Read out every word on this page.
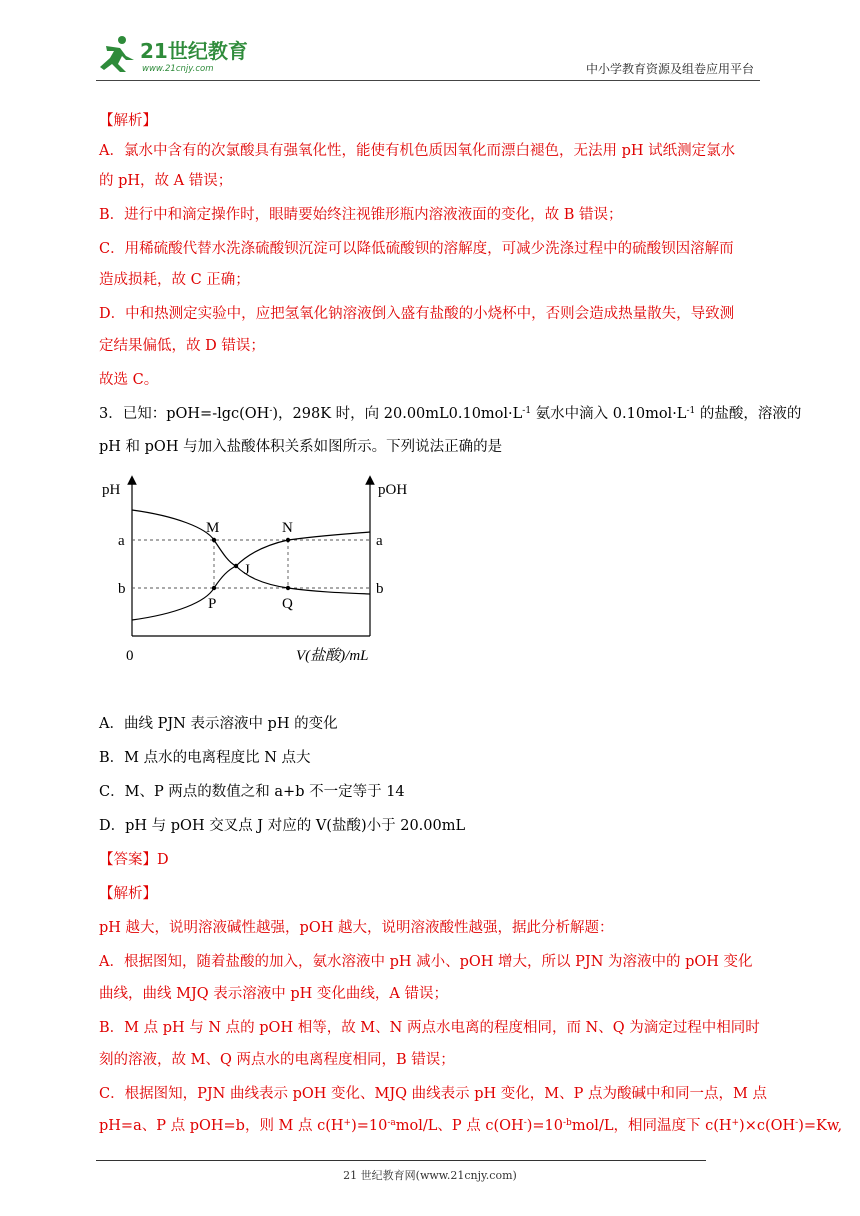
21世纪教育
www.21cnjy.com	中小学教育资源及组卷应用平台
【解析】
A．氯水中含有的次氯酸具有强氧化性，能使有机色质因氧化而漂白褪色，无法用 pH 试纸测定氯水
的 pH，故 A 错误；
B．进行中和滴定操作时，眼睛要始终注视锥形瓶内溶液液面的变化，故 B 错误；
C．用稀硫酸代替水洗涤硫酸钡沉淀可以降低硫酸钡的溶解度，可减少洗涤过程中的硫酸钡因溶解而
造成损耗，故 C 正确；
D．中和热测定实验中，应把氢氧化钠溶液倒入盛有盐酸的小烧杯中，否则会造成热量散失，导致测
定结果偏低，故 D 错误；
故选 C。
3．已知：pOH=-lgc(OH-)，298K 时，向 $20.00mL0.10mol\cdot L^{-1}$ 氨水中滴入 $0.10mol\cdot L^{-1}$ 的盐酸，溶液的
pH 和 pOH 与加入盐酸体积关系如图所示。下列说法正确的是
pH	pOH
a
b
a
b
M	N
J
P	Q
0	V(盐酸)/mL
A．曲线 PJN 表示溶液中 pH 的变化
B．M 点水的电离程度比 N 点大
C．M、P 两点的数值之和 a+b 不一定等于 14
D．pH 与 pOH 交叉点 J 对应的 V(盐酸)小于 20.00mL
【答案】D
【解析】
pH 越大，说明溶液碱性越强，pOH 越大，说明溶液酸性越强，据此分析解题：
A．根据图知，随着盐酸的加入，氨水溶液中 pH 减小、pOH 增大，所以 PJN 为溶液中的 pOH 变化
曲线，曲线 MJQ 表示溶液中 pH 变化曲线，A 错误；
B．M 点 pH 与 N 点的 pOH 相等，故 M、N 两点水电离的程度相同，而 N、Q 为滴定过程中相同时
刻的溶液，故 M、Q 两点水的电离程度相同，B 错误；
C．根据图知，PJN 曲线表示 pOH 变化、MJQ 曲线表示 pH 变化，M、P 点为酸碱中和同一点，M 点
pH=a、P 点 pOH=b，则 M 点 $c(H^+)=10^{-a}mol/L$、P 点 $c(OH^-)=10^{-b}mol/L$，相同温度下 c(H+)×c(OH-)=Kw,
21 世纪教育网(www.21cnjy.com)
